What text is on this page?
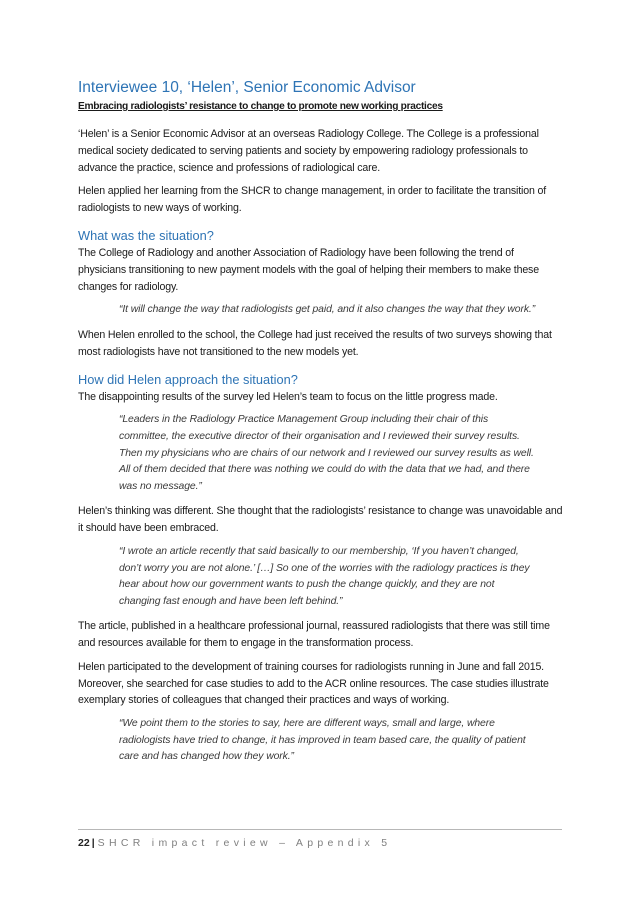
Interviewee 10, ‘Helen’, Senior Economic Advisor
Embracing radiologists’ resistance to change to promote new working practices

‘Helen’ is a Senior Economic Advisor at an overseas Radiology College. The College is a professional medical society dedicated to serving patients and society by empowering radiology professionals to advance the practice, science and professions of radiological care.

Helen applied her learning from the SHCR to change management, in order to facilitate the transition of radiologists to new ways of working.

What was the situation?

The College of Radiology and another Association of Radiology have been following the trend of physicians transitioning to new payment models with the goal of helping their members to make these changes for radiology.

“It will change the way that radiologists get paid, and it also changes the way that they work.”

When Helen enrolled to the school, the College had just received the results of two surveys showing that most radiologists have not transitioned to the new models yet.

How did Helen approach the situation?

The disappointing results of the survey led Helen’s team to focus on the little progress made.

“Leaders in the Radiology Practice Management Group including their chair of this committee, the executive director of their organisation and I reviewed their survey results. Then my physicians who are chairs of our network and I reviewed our survey results as well. All of them decided that there was nothing we could do with the data that we had, and there was no message.”

Helen’s thinking was different. She thought that the radiologists’ resistance to change was unavoidable and it should have been embraced.

“I wrote an article recently that said basically to our membership, ‘If you haven’t changed, don’t worry you are not alone.’ […] So one of the worries with the radiology practices is they hear about how our government wants to push the change quickly, and they are not changing fast enough and have been left behind.”

The article, published in a healthcare professional journal, reassured radiologists that there was still time and resources available for them to engage in the transformation process.

Helen participated to the development of training courses for radiologists running in June and fall 2015. Moreover, she searched for case studies to add to the ACR online resources. The case studies illustrate exemplary stories of colleagues that changed their practices and ways of working.

“We point them to the stories to say, here are different ways, small and large, where radiologists have tried to change, it has improved in team based care, the quality of patient care and has changed how they work.”

22 | SHCR impact review – Appendix 5
